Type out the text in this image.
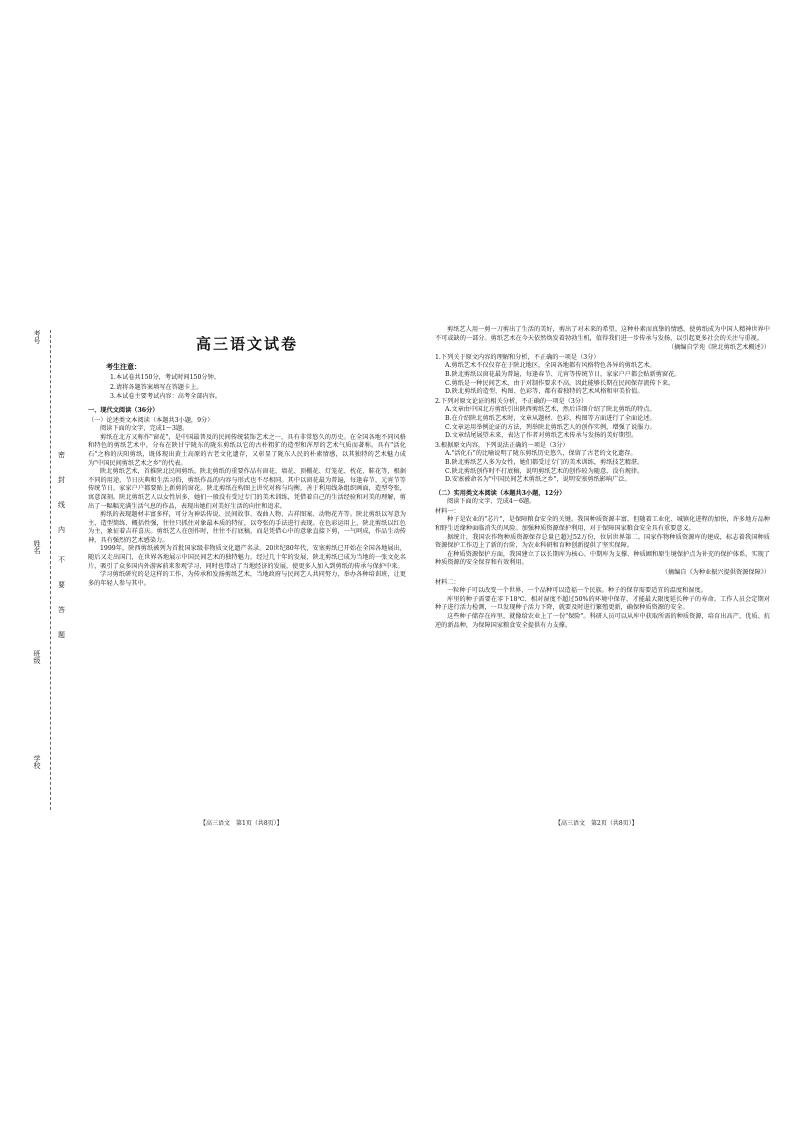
考号
姓名
班级
学校
密
封
线
内
不
要
答
题
高三语文试卷
考生注意：

1.本试卷共150分，考试时间150分钟。

2.请将各题答案填写在答题卡上。

3.本试卷主要考试内容：高考全部内容。

一、现代文阅读（36分）
（一）论述类文本阅读（本题共3小题，9分）

阅读下面的文字，完成1～3题。

剪纸在北方又称作"窗花"，是中国最普及的民间传统装饰艺术之一，具有非常悠久的历史。在全国各地不同风格和特色的剪纸艺术中，分布在陕甘宁陇东的陇东剪纸以它的古朴粗犷的造型和浑厚的艺术气质而著称。具有"活化石"之称的庆阳剪纸，既体现出黄土高原的古老文化遗存，又彰显了陇东人民的朴素情感，以其独特的艺术魅力成为"中国民间剪纸艺术之乡"的代表。

陕北剪纸艺术，首推陕北民间剪纸。陕北剪纸的重要作品有窗花、墙花、顶棚花、灯笼花、枕花、鞋花等，根据不同的用途、节日庆典和生活习俗，剪纸作品的内容与形式也不尽相同。其中以窗花最为普遍，每逢春节、元宵节等传统节日，家家户户都要贴上新剪的窗花。陕北剪纸在构图上讲究对称与均衡，善于利用线条组织画面，造型夸张，寓意深刻。陕北剪纸艺人以女性居多，她们一般没有受过专门的美术训练，凭借着自己的生活经验和对美的理解，剪出了一幅幅充满生活气息的作品，表现出她们对美好生活的向往和追求。

剪纸的表现题材丰富多样，可分为神话传说、民间故事、戏曲人物、吉祥图案、动物花卉等。陕北剪纸以写意为主，造型简练、概括性强，往往只抓住对象最本质的特征，以夸张的手法进行表现。在色彩运用上，陕北剪纸以红色为主，象征着吉祥喜庆。剪纸艺人在创作时，往往不打底稿，而是凭借心中的意象直接下剪，一气呵成，作品生动传神，具有强烈的艺术感染力。

1999年，陕西剪纸被列为首批国家级非物质文化遗产名录。20世纪80年代，安塞剪纸已开始在全国各地展出，随后又走出国门，在世界各地展示中国民间艺术的独特魅力。经过几十年的发展，陕北剪纸已成为当地的一张文化名片，吸引了众多国内外游客前来参观学习，同时也带动了当地经济的发展，使更多人加入到剪纸的传承与保护中来。

学习剪纸研究的是这样的工作，为传承和发扬剪纸艺术，当地政府与民间艺人共同努力，举办各种培训班，让更多的年轻人参与其中。

剪纸艺人用一剪一刀剪出了生活的美好，剪出了对未来的希望。这种朴素而真挚的情感，使剪纸成为中国人精神世界中不可或缺的一部分。剪纸艺术在今天依然焕发着勃勃生机，值得我们进一步传承与发扬，以引起更多社会的关注与重视。

（摘编自学苑《陕北剪纸艺术概述》）
1.下列关于原文内容的理解和分析，不正确的一项是（3分）
A.剪纸艺术不仅仅存在于陕北地区，全国各地都有风格特色各异的剪纸艺术。
B.陕北剪纸以窗花最为普遍，每逢春节、元宵等传统节日，家家户户都会贴新剪窗花。
C.剪纸是一种民间艺术，由于对制作要求不高，因此能够长期在民间保存流传下来。
D.陕北剪纸的造型、构图、色彩等，都有着独特的艺术风格和审美价值。
2.下列对原文论证的相关分析，不正确的一项是（3分）
A.文章由中国北方剪纸引出陕西剪纸艺术，然后详细介绍了陕北剪纸的特点。
B.在介绍陕北剪纸艺术时，文章从题材、色彩、构图等方面进行了全面论述。
C.文章运用举例论证的方法，列举陕北剪纸艺人的创作实例，增强了说服力。
D.文章结尾展望未来，表达了作者对剪纸艺术传承与发扬的美好期望。
3.根据原文内容，下列说法正确的一项是（3分）
A."活化石"的比喻说明了陇东剪纸历史悠久，保留了古老的文化遗存。
B.陕北剪纸艺人多为女性，她们都受过专门的美术训练，剪纸技艺精湛。
C.陕北剪纸创作时不打底稿，说明剪纸艺术的创作较为随意，没有规律。
D.安塞被命名为"中国民间艺术剪纸之乡"，说明安塞剪纸影响广泛。
（二）实用类文本阅读（本题共3小题，12分）

阅读下面的文字，完成4～6题。

材料一：

种子是农业的"芯片"，是保障粮食安全的关键。我国种质资源丰富，但随着工业化、城镇化进程的加快，许多地方品种和野生近缘种面临消失的风险。加强种质资源保护利用，对于保障国家粮食安全具有重要意义。

据统计，我国农作物种质资源保存总量已超过52万份，位居世界第二。国家作物种质资源库的建成，标志着我国种质资源保护工作迈上了新的台阶，为农业科研和育种创新提供了坚实保障。

在种质资源保护方面，我国建立了以长期库为核心、中期库为支撑、种质圃和原生境保护点为补充的保护体系，实现了种质资源的安全保存和有效利用。

（摘编自《为种业振兴提供资源保障》）
材料二：

一粒种子可以改变一个世界，一个品种可以造福一个民族。种子的保存需要适宜的温度和湿度。

库里的种子需要在零下18℃、相对湿度不超过50%的环境中保存，才能最大限度延长种子的寿命。工作人员会定期对种子进行活力检测，一旦发现种子活力下降，就要及时进行繁殖更新，确保种质资源的安全。

这些种子储存在库里，就像给农业上了一份"保险"。科研人员可以从库中获取所需的种质资源，培育出高产、优质、抗逆的新品种，为保障国家粮食安全提供有力支撑。

【高三语文　第1页（共8页）】	【高三语文　第2页（共8页）】
